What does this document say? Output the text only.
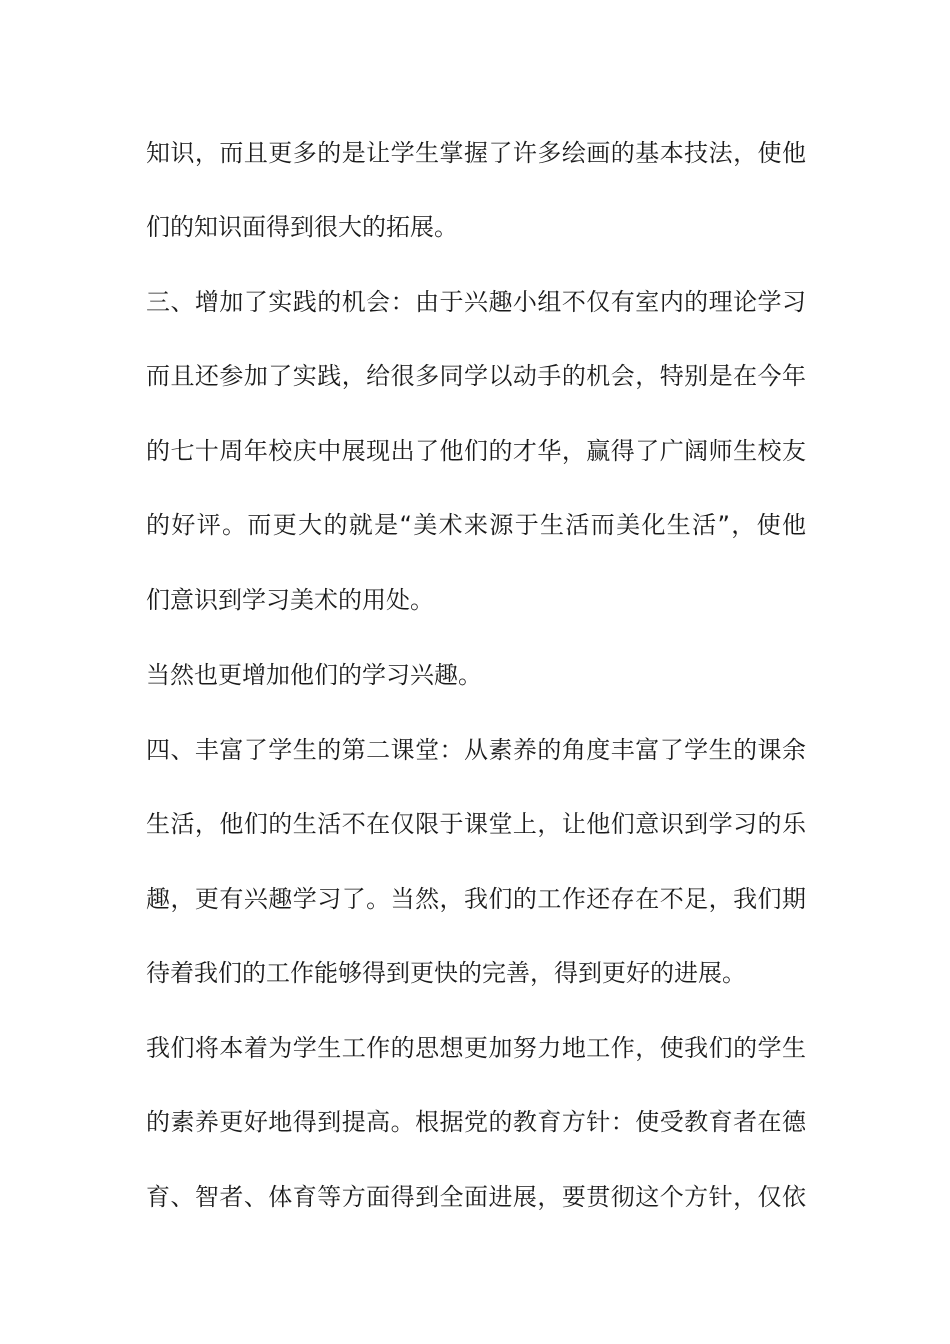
知识，而且更多的是让学生掌握了许多绘画的基本技法，使他
们的知识面得到很大的拓展。
三、增加了实践的机会：由于兴趣小组不仅有室内的理论学习
而且还参加了实践，给很多同学以动手的机会，特别是在今年
的七十周年校庆中展现出了他们的才华，赢得了广阔师生校友
的好评。而更大的就是“美术来源于生活而美化生活”，使他
们意识到学习美术的用处。
当然也更增加他们的学习兴趣。
四、丰富了学生的第二课堂：从素养的角度丰富了学生的课余
生活，他们的生活不在仅限于课堂上，让他们意识到学习的乐
趣，更有兴趣学习了。当然，我们的工作还存在不足，我们期
待着我们的工作能够得到更快的完善，得到更好的进展。
我们将本着为学生工作的思想更加努力地工作，使我们的学生
的素养更好地得到提高。根据党的教育方针：使受教育者在德
育、智者、体育等方面得到全面进展，要贯彻这个方针，仅依
